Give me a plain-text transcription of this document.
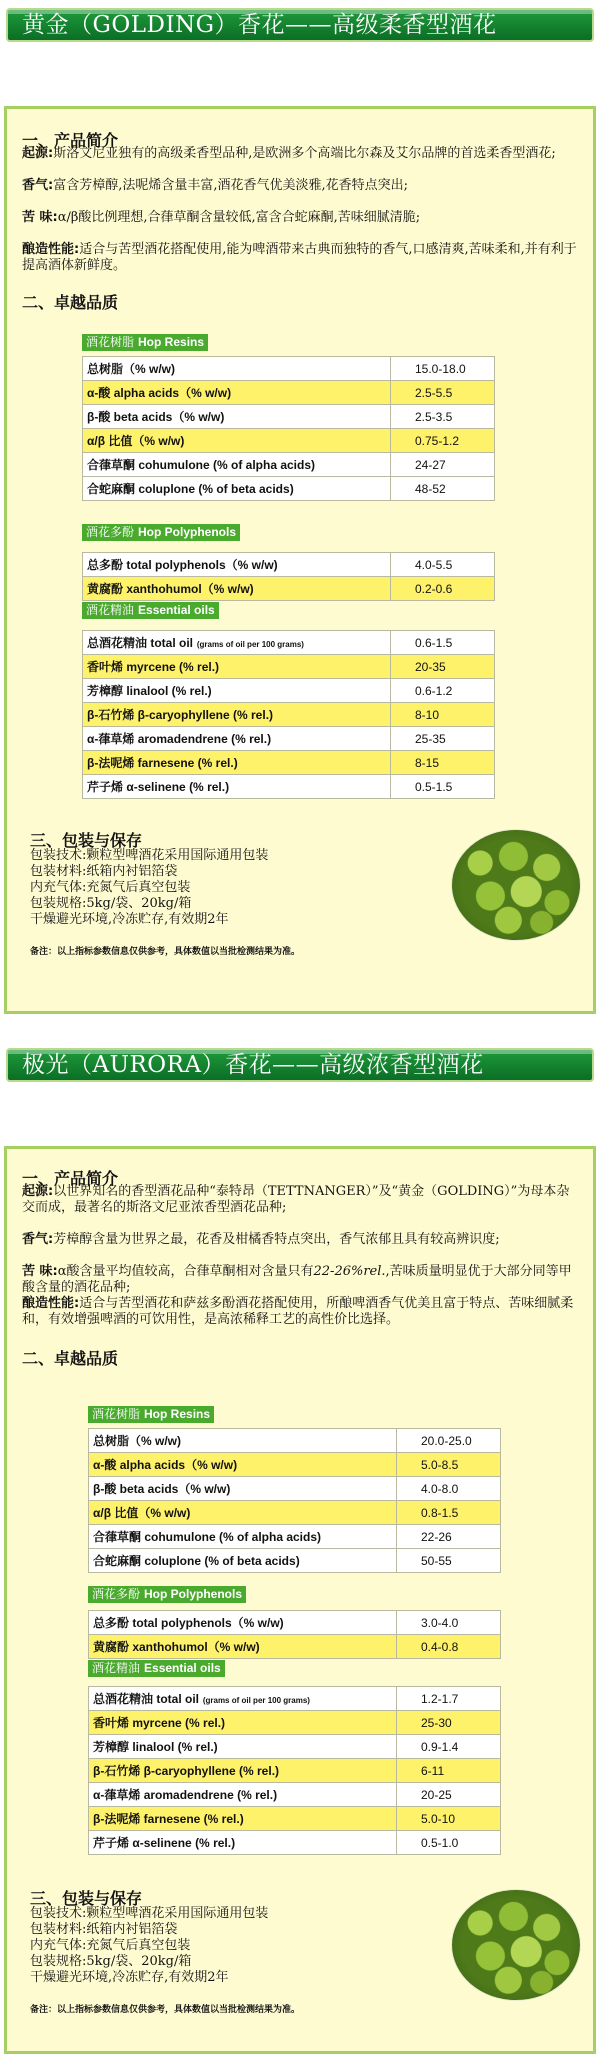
黄金（GOLDING）香花——高级柔香型酒花
一、产品简介
起源:斯洛文尼亚独有的高级柔香型品种,是欧洲多个高端比尔森及艾尔品牌的首选柔香型酒花;
香气:富含芳樟醇,法呢烯含量丰富,酒花香气优美淡雅,花香特点突出;
苦 味:α/β酸比例理想,合葎草酮含量较低,富含合蛇麻酮,苦味细腻清脆;
酿造性能:适合与苦型酒花搭配使用,能为啤酒带来古典而独特的香气,口感清爽,苦味柔和,并有利于提高酒体新鲜度。
二、卓越品质
酒花树脂 Hop Resins
总树脂（% w/w)	15.0-18.0
α-酸 alpha acids（% w/w)	2.5-5.5
β-酸 beta acids（% w/w)	2.5-3.5
α/β 比值（% w/w)	0.75-1.2
合葎草酮 cohumulone (% of alpha acids)	24-27
合蛇麻酮 coluplone (% of beta acids)	48-52
酒花多酚 Hop Polyphenols
总多酚 total polyphenols（% w/w)	4.0-5.5
黄腐酚 xanthohumol（% w/w)	0.2-0.6
酒花精油 Essential oils
总酒花精油 total oil (grams of oil per 100 grams)	0.6-1.5
香叶烯 myrcene (% rel.)	20-35
芳樟醇 linalool (% rel.)	0.6-1.2
β-石竹烯 β-caryophyllene (% rel.)	8-10
α-葎草烯 aromadendrene (% rel.)	25-35
β-法呢烯 farnesene (% rel.)	8-15
芹子烯 α-selinene (% rel.)	0.5-1.5
三、包装与保存
包装技术:颗粒型啤酒花采用国际通用包装
包装材料:纸箱内衬铝箔袋
内充气体:充氮气后真空包装
包装规格:5kg/袋、20kg/箱
干燥避光环境,冷冻贮存,有效期2年
备注：以上指标参数信息仅供参考，具体数值以当批检测结果为准。
极光（AURORA）香花——高级浓香型酒花
一、产品简介
起源:以世界知名的香型酒花品种“泰特昂（TETTNANGER）”及“黄金（GOLDING）”为母本杂交而成，最著名的斯洛文尼亚浓香型酒花品种;
香气:芳樟醇含量为世界之最，花香及柑橘香特点突出，香气浓郁且具有较高辨识度;
苦 味:α酸含量平均值较高，合葎草酮相对含量只有22-26%rel.,苦味质量明显优于大部分同等甲酸含量的酒花品种;
酿造性能:适合与苦型酒花和萨兹多酚酒花搭配使用，所酿啤酒香气优美且富于特点、苦味细腻柔和，有效增强啤酒的可饮用性，是高浓稀释工艺的高性价比选择。
二、卓越品质
酒花树脂 Hop Resins
总树脂（% w/w)	20.0-25.0
α-酸 alpha acids（% w/w)	5.0-8.5
β-酸 beta acids（% w/w)	4.0-8.0
α/β 比值（% w/w)	0.8-1.5
合葎草酮 cohumulone (% of alpha acids)	22-26
合蛇麻酮 coluplone (% of beta acids)	50-55
酒花多酚 Hop Polyphenols
总多酚 total polyphenols（% w/w)	3.0-4.0
黄腐酚 xanthohumol（% w/w)	0.4-0.8
酒花精油 Essential oils
总酒花精油 total oil (grams of oil per 100 grams)	1.2-1.7
香叶烯 myrcene (% rel.)	25-30
芳樟醇 linalool (% rel.)	0.9-1.4
β-石竹烯 β-caryophyllene (% rel.)	6-11
α-葎草烯 aromadendrene (% rel.)	20-25
β-法呢烯 farnesene (% rel.)	5.0-10
芹子烯 α-selinene (% rel.)	0.5-1.0
三、包装与保存
包装技术:颗粒型啤酒花采用国际通用包装
包装材料:纸箱内衬铝箔袋
内充气体:充氮气后真空包装
包装规格:5kg/袋、20kg/箱
干燥避光环境,冷冻贮存,有效期2年
备注：以上指标参数信息仅供参考，具体数值以当批检测结果为准。
